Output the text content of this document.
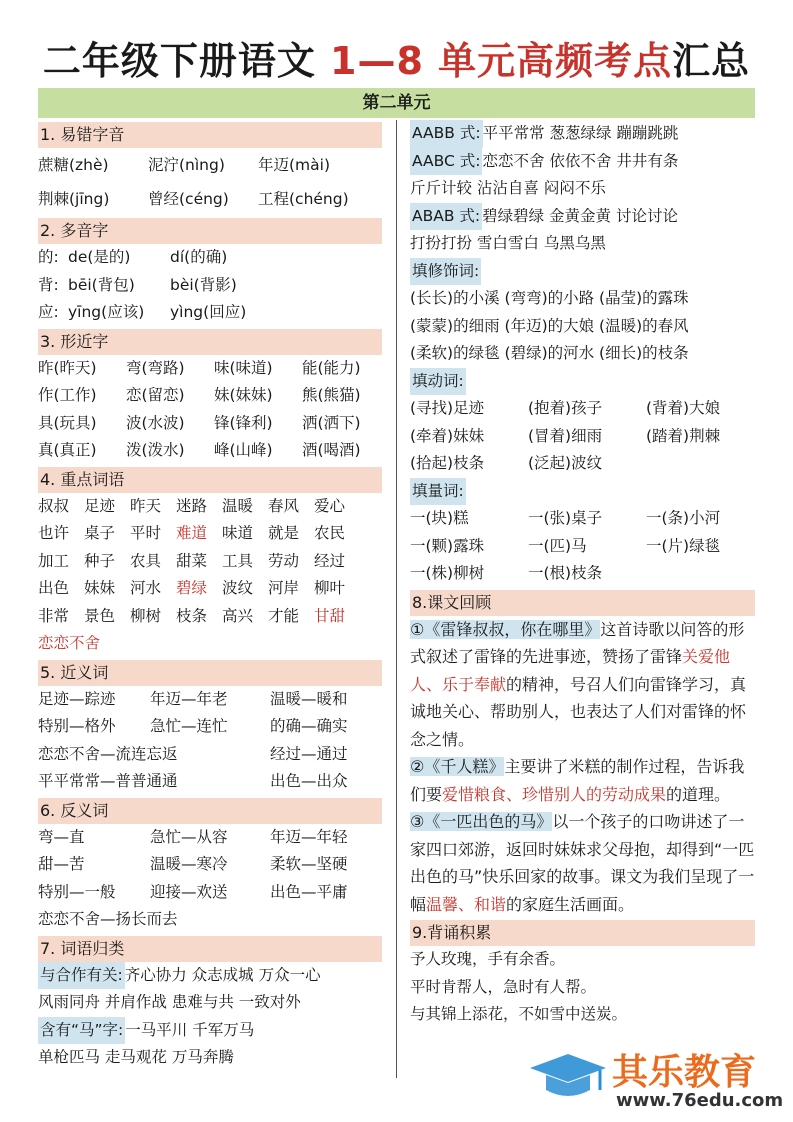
二年级下册语文 1—8 单元高频考点汇总
第二单元
1. 易错字音
蔗糖(zhè)	泥泞(nìng)	年迈(mài)
荆棘(jīng)	曾经(céng)	工程(chéng)
2. 多音字
的: de(是的)	dí(的确)
背: bēi(背包)	bèi(背影)
应: yīng(应该)	yìng(回应)
3. 形近字
昨(昨天)	弯(弯路)	味(味道)	能(能力)
作(工作)	恋(留恋)	妹(妹妹)	熊(熊猫)
具(玩具)	波(水波)	锋(锋利)	洒(洒下)
真(真正)	泼(泼水)	峰(山峰)	酒(喝酒)
4. 重点词语
叔叔 足迹 昨天 迷路 温暖 春风 爱心
也许 桌子 平时 难道 味道 就是 农民
加工 种子 农具 甜菜 工具 劳动 经过
出色 妹妹 河水 碧绿 波纹 河岸 柳叶
非常 景色 柳树 枝条 高兴 才能 甘甜
恋恋不舍
5. 近义词
足迹—踪迹	年迈—年老	温暖—暖和
特别—格外	急忙—连忙	的确—确实
恋恋不舍—流连忘返	经过—通过
平平常常—普普通通	出色—出众
6. 反义词
弯—直	急忙—从容	年迈—年轻
甜—苦	温暖—寒冷	柔软—坚硬
特别—一般	迎接—欢送	出色—平庸
恋恋不舍—扬长而去
7. 词语归类
与合作有关: 齐心协力 众志成城 万众一心
风雨同舟 并肩作战 患难与共 一致对外
含有“马”字: 一马平川 千军万马
单枪匹马 走马观花 万马奔腾
AABB 式: 平平常常 葱葱绿绿 蹦蹦跳跳
AABC 式: 恋恋不舍 依依不舍 井井有条
斤斤计较 沾沾自喜 闷闷不乐
ABAB 式: 碧绿碧绿 金黄金黄 讨论讨论
打扮打扮 雪白雪白 乌黑乌黑
填修饰词:
(长长)的小溪 (弯弯)的小路 (晶莹)的露珠
(蒙蒙)的细雨 (年迈)的大娘 (温暖)的春风
(柔软)的绿毯 (碧绿)的河水 (细长)的枝条
填动词:
(寻找)足迹	(抱着)孩子	(背着)大娘
(牵着)妹妹	(冒着)细雨	(踏着)荆棘
(拾起)枝条	(泛起)波纹
填量词:
一(块)糕	一(张)桌子	一(条)小河
一(颗)露珠	一(匹)马	一(片)绿毯
一(株)柳树	一(根)枝条
8.课文回顾
①《雷锋叔叔，你在哪里》这首诗歌以问答的形式叙述了雷锋的先进事迹，赞扬了雷锋关爱他人、乐于奉献的精神，号召人们向雷锋学习，真诚地关心、帮助别人，也表达了人们对雷锋的怀念之情。
②《千人糕》主要讲了米糕的制作过程，告诉我们要爱惜粮食、珍惜别人的劳动成果的道理。
③《一匹出色的马》以一个孩子的口吻讲述了一家四口郊游，返回时妹妹求父母抱，却得到“一匹出色的马”快乐回家的故事。课文为我们呈现了一幅温馨、和谐的家庭生活画面。
9.背诵积累
予人玫瑰，手有余香。
平时肯帮人，急时有人帮。
与其锦上添花，不如雪中送炭。
其乐教育
www.76edu.com
